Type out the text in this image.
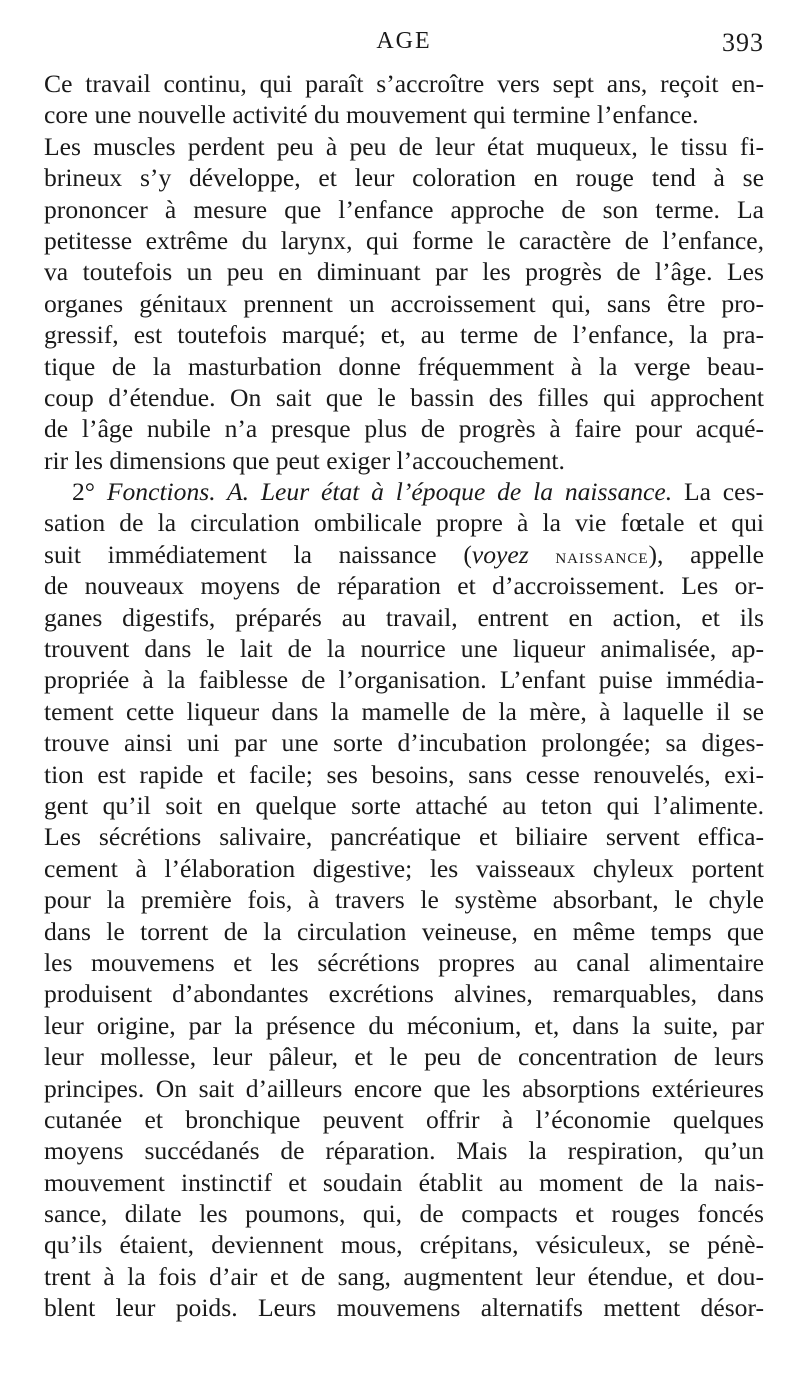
AGE	393
Ce travail continu, qui paraît s’accroître vers sept ans, reçoit en-
core une nouvelle activité du mouvement qui termine l’enfance.
Les muscles perdent peu à peu de leur état muqueux, le tissu fi-
brineux s’y développe, et leur coloration en rouge tend à se
prononcer à mesure que l’enfance approche de son terme. La
petitesse extrême du larynx, qui forme le caractère de l’enfance,
va toutefois un peu en diminuant par les progrès de l’âge. Les
organes génitaux prennent un accroissement qui, sans être pro-
gressif, est toutefois marqué; et, au terme de l’enfance, la pra-
tique de la masturbation donne fréquemment à la verge beau-
coup d’étendue. On sait que le bassin des filles qui approchent
de l’âge nubile n’a presque plus de progrès à faire pour acqué-
rir les dimensions que peut exiger l’accouchement.
2° Fonctions. A. Leur état à l’époque de la naissance. La ces-
sation de la circulation ombilicale propre à la vie fœtale et qui
suit immédiatement la naissance (voyez naissance), appelle
de nouveaux moyens de réparation et d’accroissement. Les or-
ganes digestifs, préparés au travail, entrent en action, et ils
trouvent dans le lait de la nourrice une liqueur animalisée, ap-
propriée à la faiblesse de l’organisation. L’enfant puise immédia-
tement cette liqueur dans la mamelle de la mère, à laquelle il se
trouve ainsi uni par une sorte d’incubation prolongée; sa diges-
tion est rapide et facile; ses besoins, sans cesse renouvelés, exi-
gent qu’il soit en quelque sorte attaché au teton qui l’alimente.
Les sécrétions salivaire, pancréatique et biliaire servent effica-
cement à l’élaboration digestive; les vaisseaux chyleux portent
pour la première fois, à travers le système absorbant, le chyle
dans le torrent de la circulation veineuse, en même temps que
les mouvemens et les sécrétions propres au canal alimentaire
produisent d’abondantes excrétions alvines, remarquables, dans
leur origine, par la présence du méconium, et, dans la suite, par
leur mollesse, leur pâleur, et le peu de concentration de leurs
principes. On sait d’ailleurs encore que les absorptions extérieures
cutanée et bronchique peuvent offrir à l’économie quelques
moyens succédanés de réparation. Mais la respiration, qu’un
mouvement instinctif et soudain établit au moment de la nais-
sance, dilate les poumons, qui, de compacts et rouges foncés
qu’ils étaient, deviennent mous, crépitans, vésiculeux, se pénè-
trent à la fois d’air et de sang, augmentent leur étendue, et dou-
blent leur poids. Leurs mouvemens alternatifs mettent désor-
